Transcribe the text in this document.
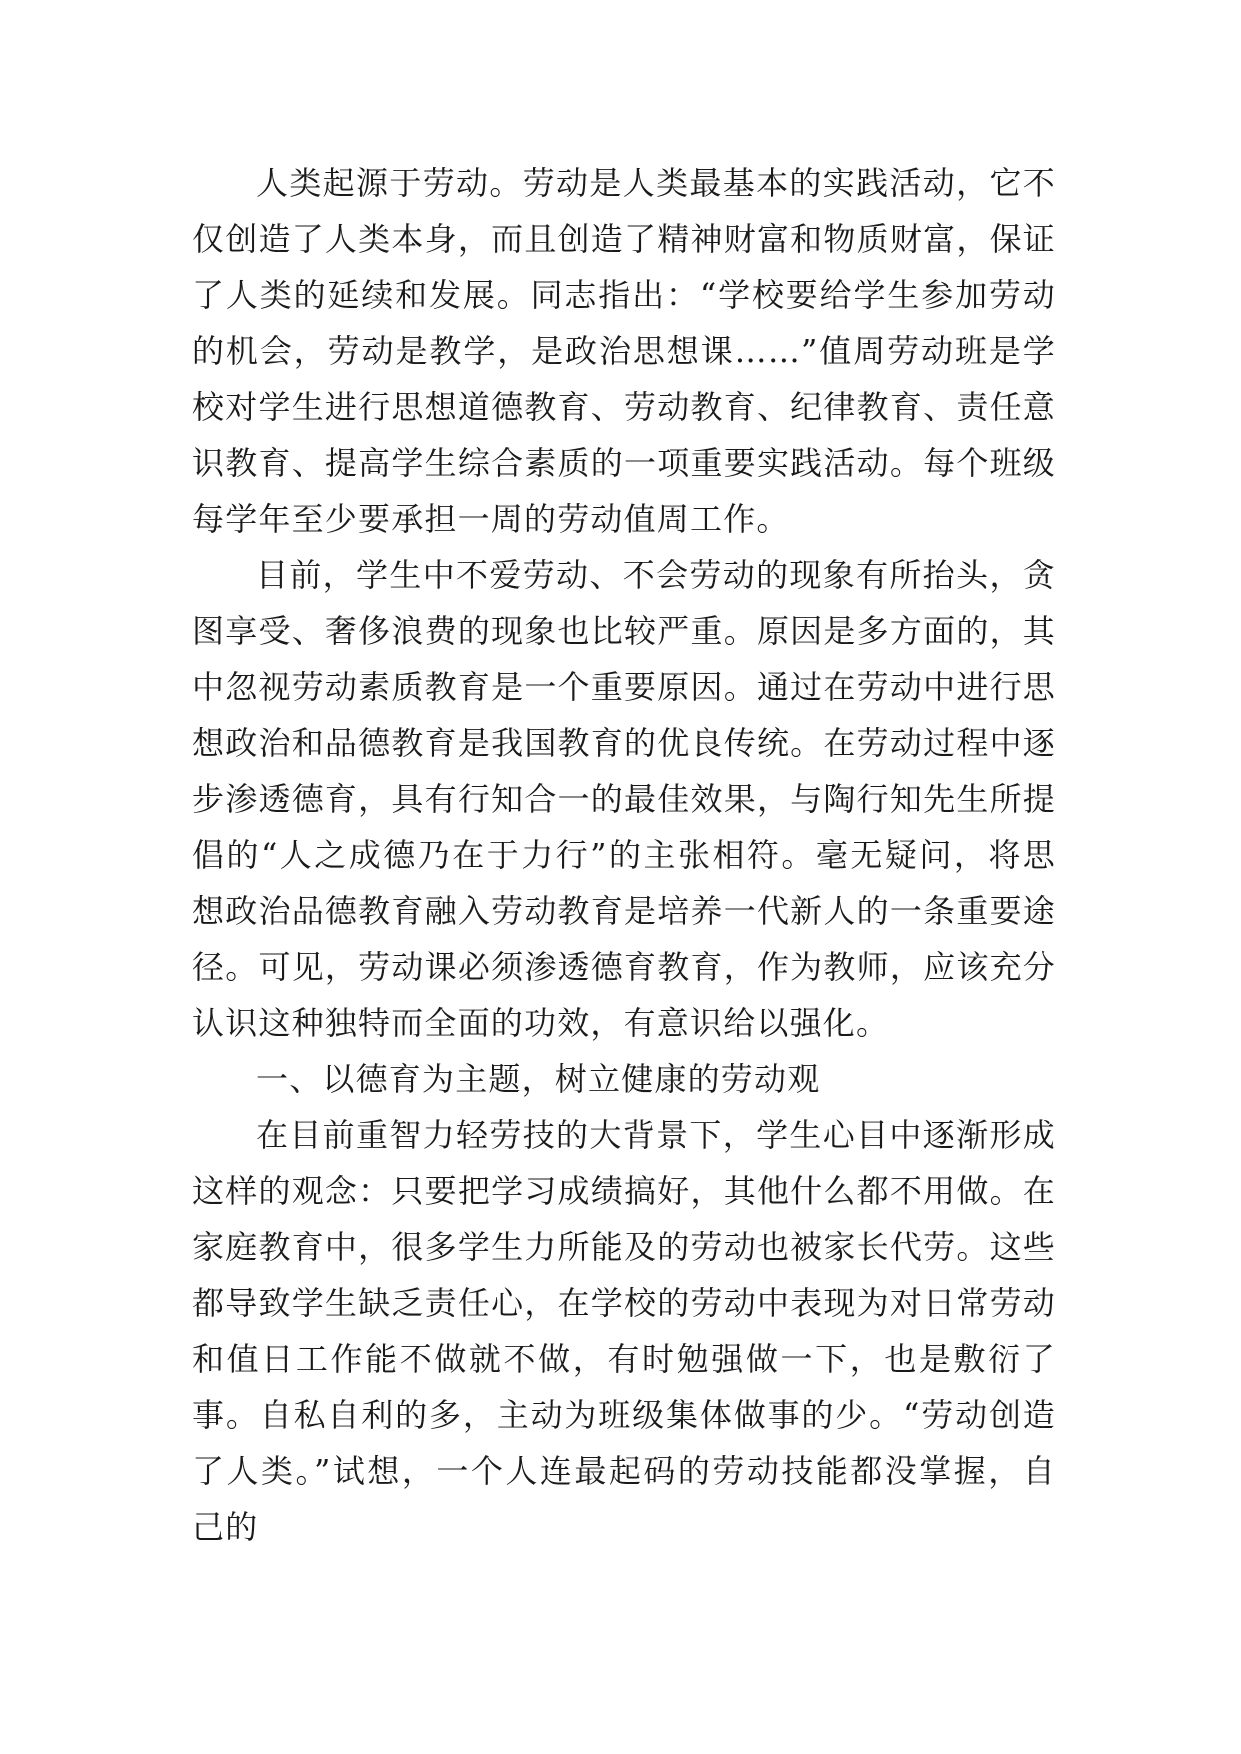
人类起源于劳动。劳动是人类最基本的实践活动，它不仅创造了人类本身，而且创造了精神财富和物质财富，保证了人类的延续和发展。同志指出：“学校要给学生参加劳动的机会，劳动是教学，是政治思想课……”值周劳动班是学校对学生进行思想道德教育、劳动教育、纪律教育、责任意识教育、提高学生综合素质的一项重要实践活动。每个班级每学年至少要承担一周的劳动值周工作。

目前，学生中不爱劳动、不会劳动的现象有所抬头，贪图享受、奢侈浪费的现象也比较严重。原因是多方面的，其中忽视劳动素质教育是一个重要原因。通过在劳动中进行思想政治和品德教育是我国教育的优良传统。在劳动过程中逐步渗透德育，具有行知合一的最佳效果，与陶行知先生所提倡的“人之成德乃在于力行”的主张相符。毫无疑问，将思想政治品德教育融入劳动教育是培养一代新人的一条重要途径。可见，劳动课必须渗透德育教育，作为教师，应该充分认识这种独特而全面的功效，有意识给以强化。

一、以德育为主题，树立健康的劳动观

在目前重智力轻劳技的大背景下，学生心目中逐渐形成这样的观念：只要把学习成绩搞好，其他什么都不用做。在家庭教育中，很多学生力所能及的劳动也被家长代劳。这些都导致学生缺乏责任心，在学校的劳动中表现为对日常劳动和值日工作能不做就不做，有时勉强做一下，也是敷衍了事。自私自利的多，主动为班级集体做事的少。“劳动创造了人类。”试想，一个人连最起码的劳动技能都没掌握，自己的
